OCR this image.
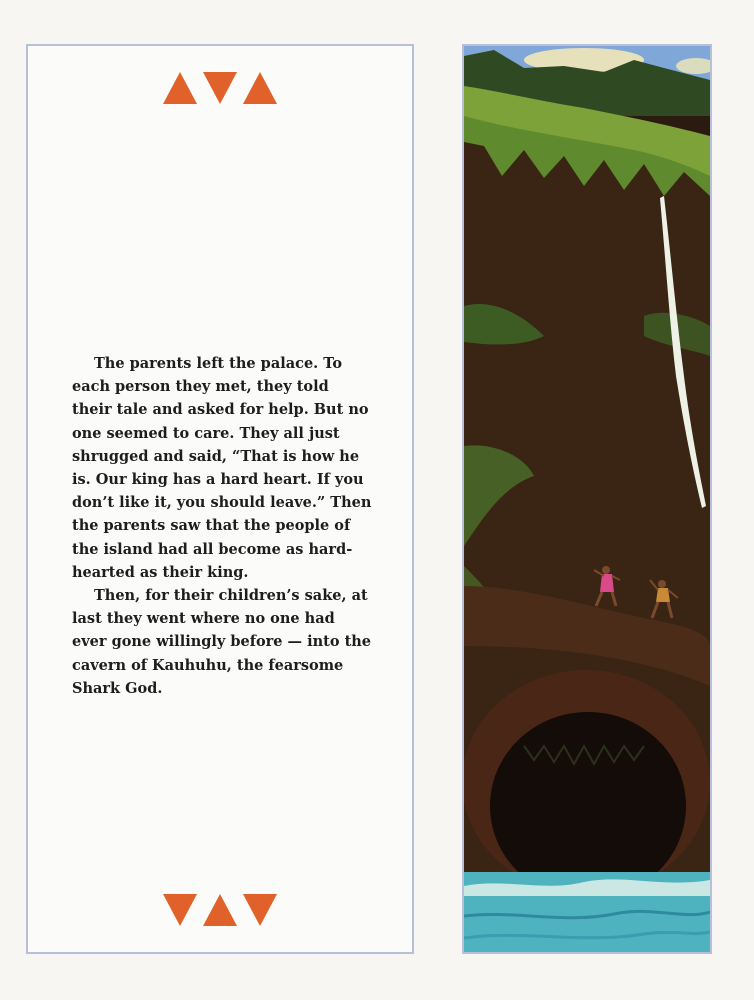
The parents left the palace. To each person they met, they told their tale and asked for help. But no one seemed to care. They all just shrugged and said, “That is how he is. Our king has a hard heart. If you don’t like it, you should leave.” Then the parents saw that the people of the island had all become as hard-hearted as their king.

Then, for their children’s sake, at last they went where no one had ever gone willingly before — into the cavern of Kauhuhu, the fearsome Shark God.
